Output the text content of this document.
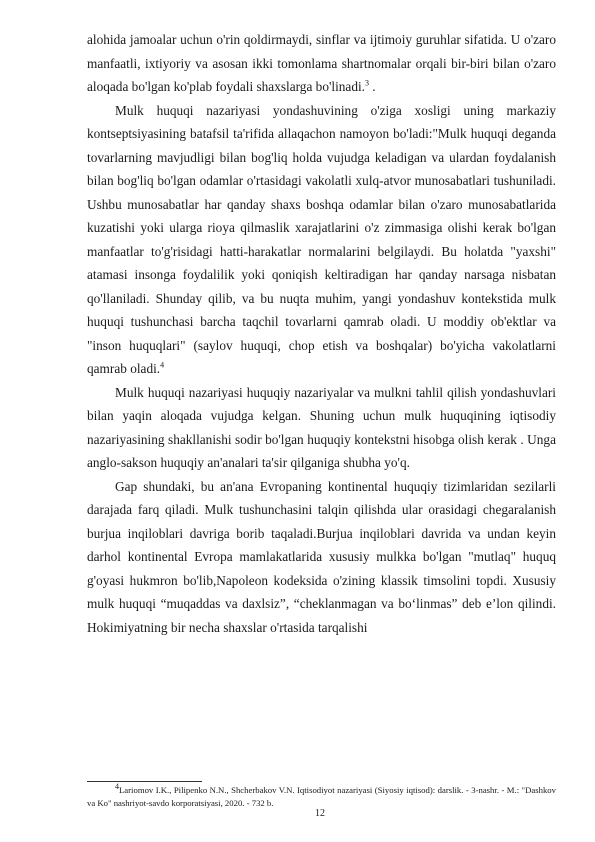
alohida jamoalar uchun o'rin qoldirmaydi, sinflar va ijtimoiy guruhlar sifatida. U o'zaro manfaatli, ixtiyoriy va asosan ikki tomonlama shartnomalar orqali bir-biri bilan o'zaro aloqada bo'lgan ko'plab foydali shaxslarga bo'linadi.$^3$ .

Mulk huquqi nazariyasi yondashuvining o'ziga xosligi uning markaziy kontseptsiyasining batafsil ta'rifida allaqachon namoyon bo'ladi:"Mulk huquqi deganda tovarlarning mavjudligi bilan bog'liq holda vujudga keladigan va ulardan foydalanish bilan bog'liq bo'lgan odamlar o'rtasidagi vakolatli xulq-atvor munosabatlari tushuniladi. Ushbu munosabatlar har qanday shaxs boshqa odamlar bilan o'zaro munosabatlarida kuzatishi yoki ularga rioya qilmaslik xarajatlarini o'z zimmasiga olishi kerak bo'lgan manfaatlar to'g'risidagi hatti-harakatlar normalarini belgilaydi. Bu holatda "yaxshi" atamasi insonga foydalilik yoki qoniqish keltiradigan har qanday narsaga nisbatan qo'llaniladi. Shunday qilib, va bu nuqta muhim, yangi yondashuv kontekstida mulk huquqi tushunchasi barcha taqchil tovarlarni qamrab oladi. U moddiy ob'ektlar va "inson huquqlari" (saylov huquqi, chop etish va boshqalar) bo'yicha vakolatlarni qamrab oladi.$^4$

Mulk huquqi nazariyasi huquqiy nazariyalar va mulkni tahlil qilish yondashuvlari bilan yaqin aloqada vujudga kelgan. Shuning uchun mulk huquqining iqtisodiy nazariyasining shakllanishi sodir bo'lgan huquqiy kontekstni hisobga olish kerak . Unga anglo-sakson huquqiy an'analari ta'sir qilganiga shubha yo'q.

Gap shundaki, bu an'ana Evropaning kontinental huquqiy tizimlaridan sezilarli darajada farq qiladi. Mulk tushunchasini talqin qilishda ular orasidagi chegaralanish burjua inqiloblari davriga borib taqaladi.Burjua inqiloblari davrida va undan keyin darhol kontinental Evropa mamlakatlarida xususiy mulkka bo'lgan "mutlaq" huquq g'oyasi hukmron bo'lib,Napoleon kodeksida o'zining klassik timsolini topdi. Xususiy mulk huquqi “muqaddas va daxlsiz”, “cheklanmagan va bo‘linmas” deb e’lon qilindi. Hokimiyatning bir necha shaxslar o'rtasida tarqalishi

$^4$Lariomov I.K., Pilipenko N.N., Shcherbakov V.N. Iqtisodiyot nazariyasi (Siyosiy iqtisod): darslik. - 3-nashr. - M.: "Dashkov va Ko" nashriyot-savdo korporatsiyasi, 2020. - 732 b.
12
